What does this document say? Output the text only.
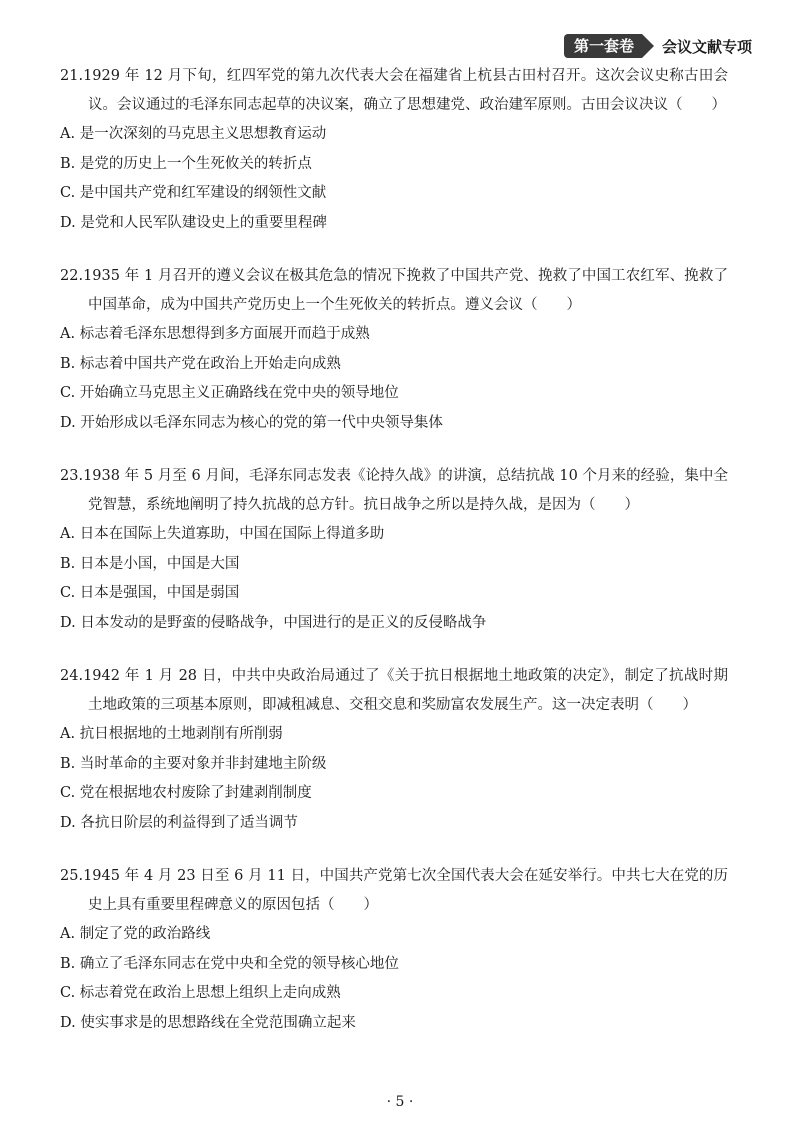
第一套卷	会议文献专项

21.1929 年 12 月下旬，红四军党的第九次代表大会在福建省上杭县古田村召开。这次会议史称古田会议。会议通过的毛泽东同志起草的决议案，确立了思想建党、政治建军原则。古田会议决议（　　）

A. 是一次深刻的马克思主义思想教育运动

B. 是党的历史上一个生死攸关的转折点

C. 是中国共产党和红军建设的纲领性文献

D. 是党和人民军队建设史上的重要里程碑

22.1935 年 1 月召开的遵义会议在极其危急的情况下挽救了中国共产党、挽救了中国工农红军、挽救了中国革命，成为中国共产党历史上一个生死攸关的转折点。遵义会议（　　）

A. 标志着毛泽东思想得到多方面展开而趋于成熟

B. 标志着中国共产党在政治上开始走向成熟

C. 开始确立马克思主义正确路线在党中央的领导地位

D. 开始形成以毛泽东同志为核心的党的第一代中央领导集体

23.1938 年 5 月至 6 月间，毛泽东同志发表《论持久战》的讲演，总结抗战 10 个月来的经验，集中全党智慧，系统地阐明了持久抗战的总方针。抗日战争之所以是持久战，是因为（　　）

A. 日本在国际上失道寡助，中国在国际上得道多助

B. 日本是小国，中国是大国

C. 日本是强国，中国是弱国

D. 日本发动的是野蛮的侵略战争，中国进行的是正义的反侵略战争

24.1942 年 1 月 28 日，中共中央政治局通过了《关于抗日根据地土地政策的决定》，制定了抗战时期土地政策的三项基本原则，即减租减息、交租交息和奖励富农发展生产。这一决定表明（　　）

A. 抗日根据地的土地剥削有所削弱

B. 当时革命的主要对象并非封建地主阶级

C. 党在根据地农村废除了封建剥削制度

D. 各抗日阶层的利益得到了适当调节

25.1945 年 4 月 23 日至 6 月 11 日，中国共产党第七次全国代表大会在延安举行。中共七大在党的历史上具有重要里程碑意义的原因包括（　　）

A. 制定了党的政治路线

B. 确立了毛泽东同志在党中央和全党的领导核心地位

C. 标志着党在政治上思想上组织上走向成熟

D. 使实事求是的思想路线在全党范围确立起来

· 5 ·
